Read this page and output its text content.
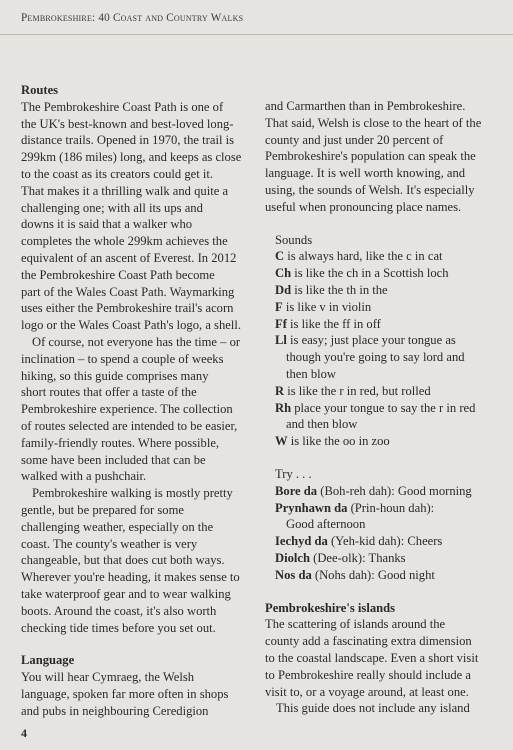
Pembrokeshire: 40 Coast and Country Walks
Routes
The Pembrokeshire Coast Path is one of
the UK's best-known and best-loved long-
distance trails. Opened in 1970, the trail is
299km (186 miles) long, and keeps as close
to the coast as its creators could get it.
That makes it a thrilling walk and quite a
challenging one; with all its ups and
downs it is said that a walker who
completes the whole 299km achieves the
equivalent of an ascent of Everest. In 2012
the Pembrokeshire Coast Path become
part of the Wales Coast Path. Waymarking
uses either the Pembrokeshire trail's acorn
logo or the Wales Coast Path's logo, a shell.
Of course, not everyone has the time – or
inclination – to spend a couple of weeks
hiking, so this guide comprises many
short routes that offer a taste of the
Pembrokeshire experience. The collection
of routes selected are intended to be easier,
family-friendly routes. Where possible,
some have been included that can be
walked with a pushchair.
Pembrokeshire walking is mostly pretty
gentle, but be prepared for some
challenging weather, especially on the
coast. The county's weather is very
changeable, but that does cut both ways.
Wherever you're heading, it makes sense to
take waterproof gear and to wear walking
boots. Around the coast, it's also worth
checking tide times before you set out.
Language
You will hear Cymraeg, the Welsh
language, spoken far more often in shops
and pubs in neighbouring Ceredigion
and Carmarthen than in Pembrokeshire.
That said, Welsh is close to the heart of the
county and just under 20 percent of
Pembrokeshire's population can speak the
language. It is well worth knowing, and
using, the sounds of Welsh. It's especially
useful when pronouncing place names.
Sounds
C is always hard, like the c in cat
Ch is like the ch in a Scottish loch
Dd is like the th in the
F is like v in violin
Ff is like the ff in off
Ll is easy; just place your tongue as
though you're going to say lord and
then blow
R is like the r in red, but rolled
Rh place your tongue to say the r in red
and then blow
W is like the oo in zoo
Try . . .
Bore da (Boh-reh dah): Good morning
Prynhawn da (Prin-houn dah):
Good afternoon
Iechyd da (Yeh-kid dah): Cheers
Diolch (Dee-olk): Thanks
Nos da (Nohs dah): Good night
Pembrokeshire's islands
The scattering of islands around the
county add a fascinating extra dimension
to the coastal landscape. Even a short visit
to Pembrokeshire really should include a
visit to, or a voyage around, at least one.
This guide does not include any island
4
